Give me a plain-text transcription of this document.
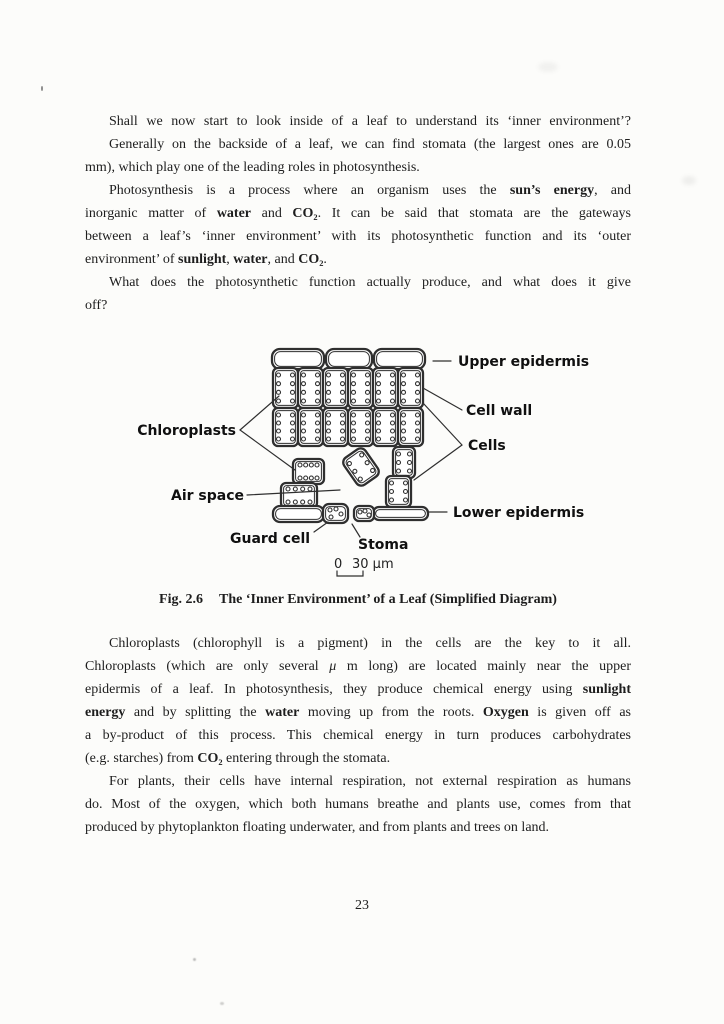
Shall we now start to look inside of a leaf to understand its ‘inner environment’?
Generally on the backside of a leaf, we can find stomata (the largest ones are 0.05
mm), which play one of the leading roles in photosynthesis.
Photosynthesis is a process where an organism uses the sun’s energy, and
inorganic matter of water and CO₂. It can be said that stomata are the gateways
between a leaf’s ‘inner environment’ with its photosynthetic function and its ‘outer
environment’ of sunlight, water, and CO₂.
What does the photosynthetic function actually produce, and what does it give
off?
Upper epidermis
Cell wall
Cells
Chloroplasts
Air space
Guard cell	Stoma
Lower epidermis
0 30 μm
Fig. 2.6 The ‘Inner Environment’ of a Leaf (Simplified Diagram)
Chloroplasts (chlorophyll is a pigment) in the cells are the key to it all.
Chloroplasts (which are only several μ m long) are located mainly near the upper
epidermis of a leaf. In photosynthesis, they produce chemical energy using sunlight
energy and by splitting the water moving up from the roots. Oxygen is given off as
a by-product of this process. This chemical energy in turn produces carbohydrates
(e.g. starches) from CO₂ entering through the stomata.
For plants, their cells have internal respiration, not external respiration as humans
do. Most of the oxygen, which both humans breathe and plants use, comes from that
produced by phytoplankton floating underwater, and from plants and trees on land.
23
